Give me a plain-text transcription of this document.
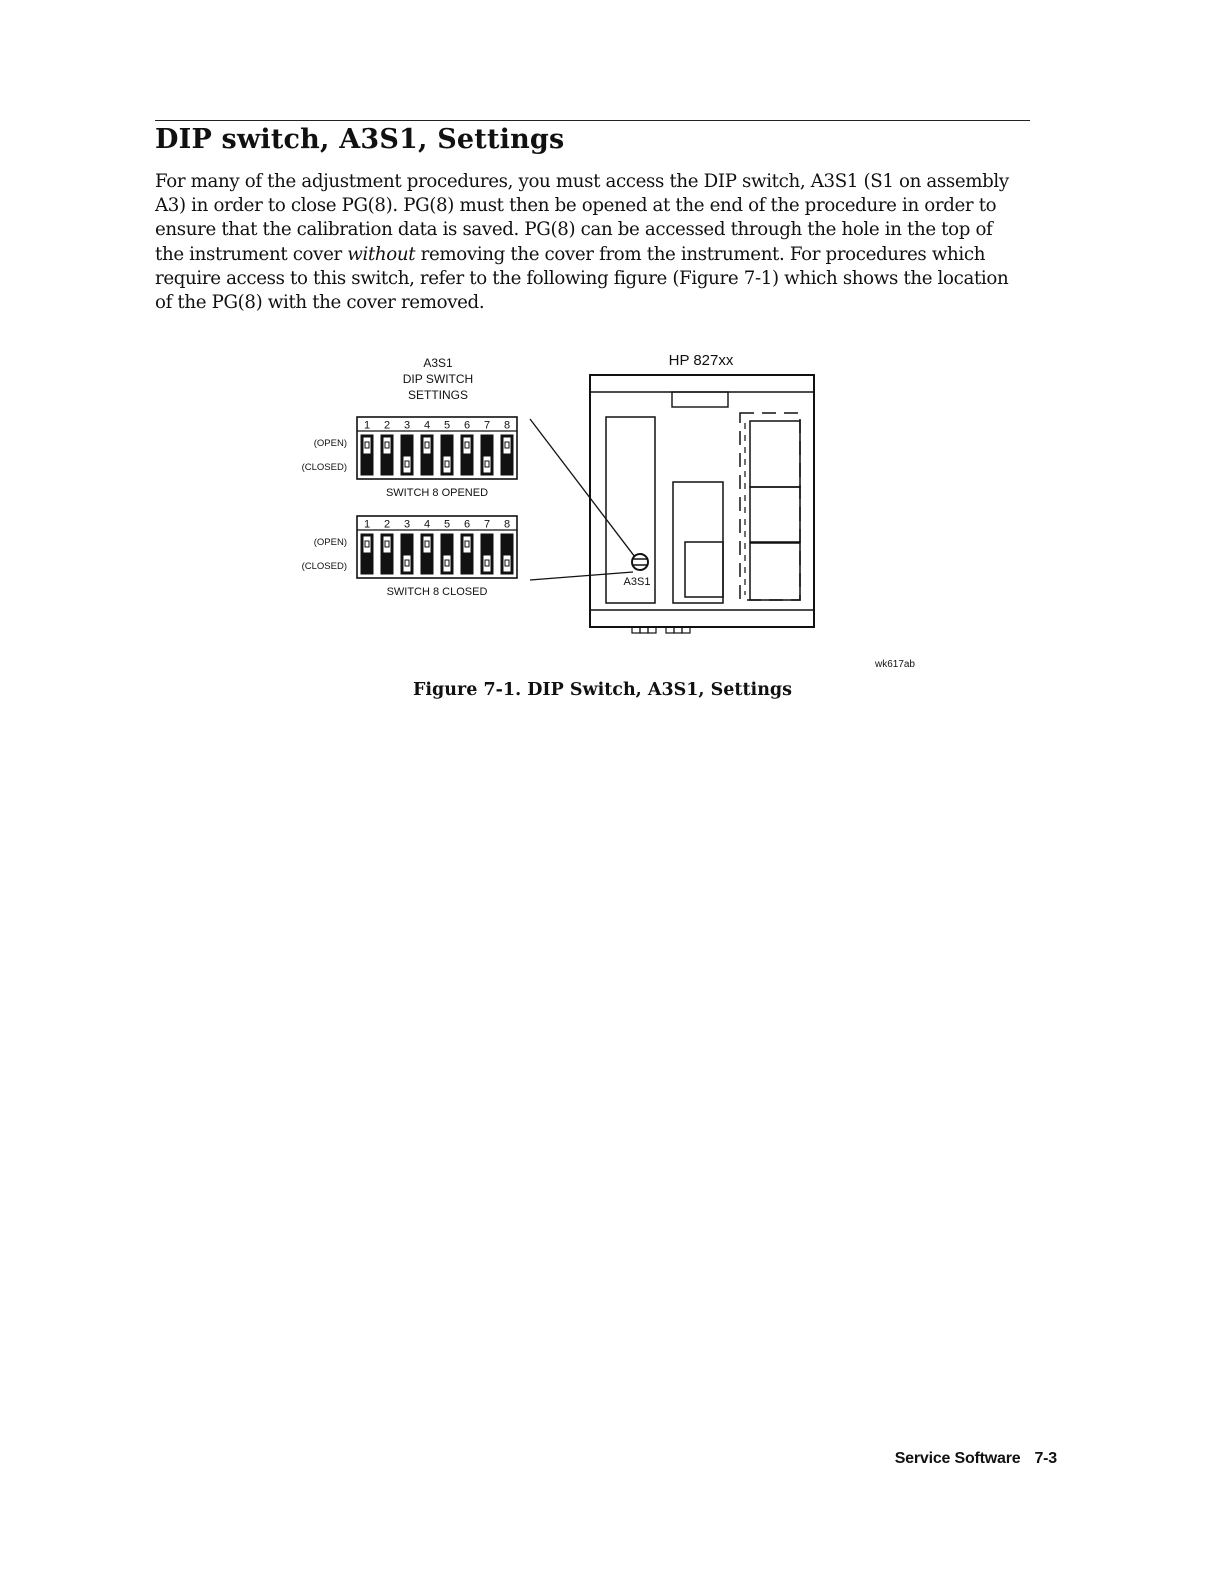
DIP switch, A3S1, Settings

For many of the adjustment procedures, you must access the DIP switch, A3S1 (S1 on assembly
A3) in order to close PG(8). PG(8) must then be opened at the end of the procedure in order to
ensure that the calibration data is saved. PG(8) can be accessed through the hole in the top of
the instrument cover without removing the cover from the instrument. For procedures which
require access to this switch, refer to the following figure (Figure 7-1) which shows the location
of the PG(8) with the cover removed.

A3S1
DIP SWITCH
SETTINGS
(OPEN)
(CLOSED)
1 2 3 4 5 6 7 8
SWITCH 8 OPENED
(OPEN)
(CLOSED)
1 2 3 4 5 6 7 8
SWITCH 8 CLOSED
HP 827xx
A3S1
wk617ab

Figure 7-1. DIP Switch, A3S1, Settings

Service Software 7-3
